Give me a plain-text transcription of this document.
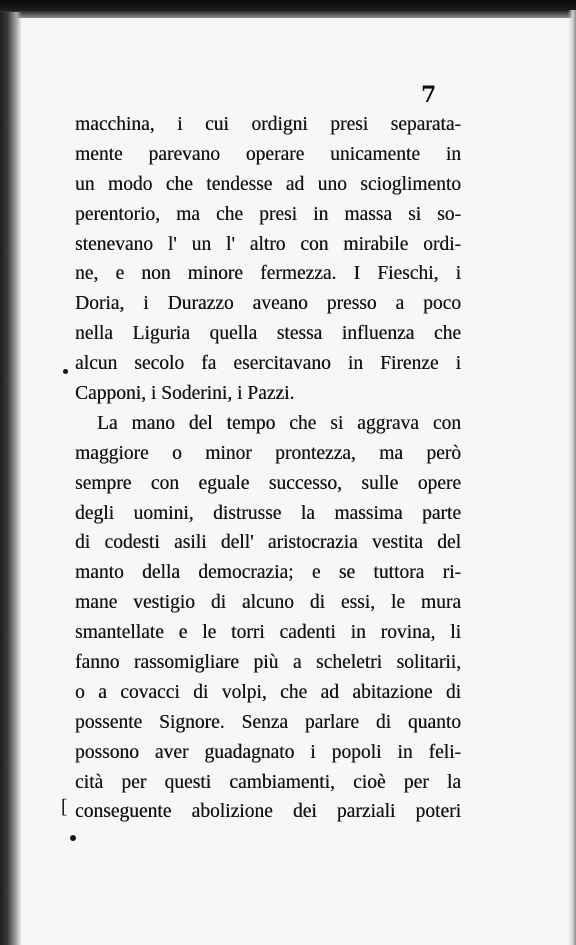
7
macchina, i cui ordigni presi separata-
mente parevano operare unicamente in
un modo che tendesse ad uno scioglimento
perentorio, ma che presi in massa si so-
stenevano l' un l' altro con mirabile ordi-
ne, e non minore fermezza. I Fieschi, i
Doria, i Durazzo aveano presso a poco
nella Liguria quella stessa influenza che
alcun secolo fa esercitavano in Firenze i
Capponi, i Soderini, i Pazzi.
La mano del tempo che si aggrava con
maggiore o minor prontezza, ma però
sempre con eguale successo, sulle opere
degli uomini, distrusse la massima parte
di codesti asili dell' aristocrazia vestita del
manto della democrazia; e se tuttora ri-
mane vestigio di alcuno di essi, le mura
smantellate e le torri cadenti in rovina, li
fanno rassomigliare più a scheletri solitarii,
o a covacci di volpi, che ad abitazione di
possente Signore. Senza parlare di quanto
possono aver guadagnato i popoli in feli-
cità per questi cambiamenti, cioè per la
[ conseguente abolizione dei parziali poteri
